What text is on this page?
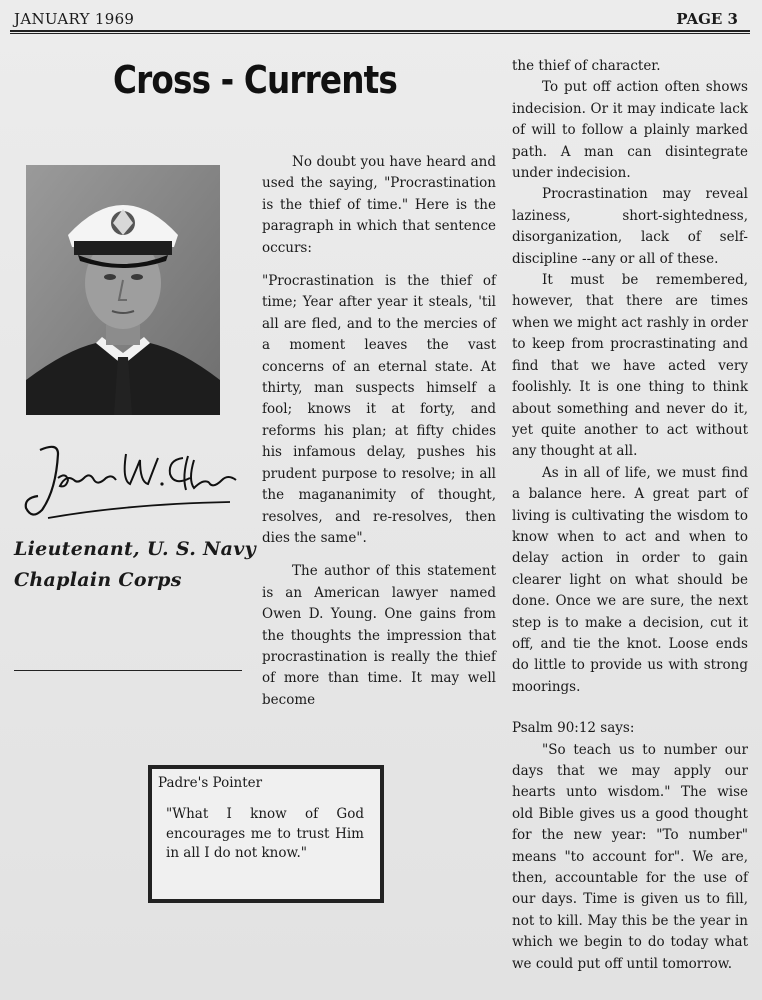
JANUARY 1969	PAGE 3
Cross - Currents
Lieutenant, U. S. Navy
Chaplain Corps

No doubt you have heard and used the saying, "Procrastination is the thief of time." Here is the paragraph in which that sentence occurs:

"Procrastination is the thief of time; Year after year it steals, 'til all are fled, and to the mercies of a moment leaves the vast concerns of an eternal state. At thirty, man suspects himself a fool; knows it at forty, and reforms his plan; at fifty chides his infamous delay, pushes his prudent purpose to resolve; in all the magananimity of thought, resolves, and re-resolves, then dies the same".

The author of this statement is an American lawyer named Owen D. Young. One gains from the thoughts the impression that procrastination is really the thief of more than time. It may well become

the thief of character.

To put off action often shows indecision. Or it may indicate lack of will to follow a plainly marked path. A man can disintegrate under indecision.

Procrastination may reveal laziness, short-sightedness, disorganization, lack of self-discipline --any or all of these.

It must be remembered, however, that there are times when we might act rashly in order to keep from procrastinating and find that we have acted very foolishly. It is one thing to think about something and never do it, yet quite another to act without any thought at all.

As in all of life, we must find a balance here. A great part of living is cultivating the wisdom to know when to act and when to delay action in order to gain clearer light on what should be done. Once we are sure, the next step is to make a decision, cut it off, and tie the knot. Loose ends do little to provide us with strong moorings.

Psalm 90:12 says:

"So teach us to number our days that we may apply our hearts unto wisdom." The wise old Bible gives us a good thought for the new year: "To number" means "to account for". We are, then, accountable for the use of our days. Time is given us to fill, not to kill. May this be the year in which we begin to do today what we could put off until tomorrow.

Padre's Pointer
"What I know of God encourages me to trust Him in all I do not know."
